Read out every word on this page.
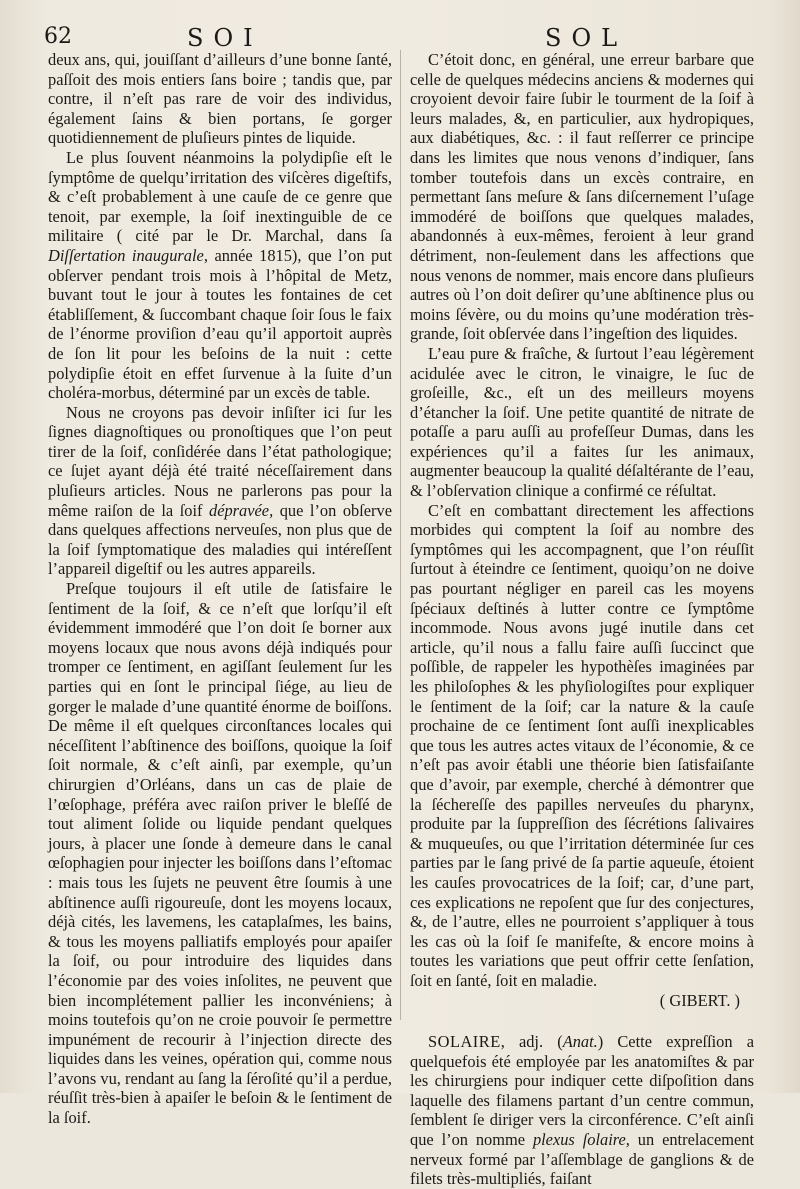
62	SOI	SOL

deux ans, qui, jouiſſant d’ailleurs d’une bonne ſanté, paſſoit des mois entiers ſans boire ; tandis que, par contre, il n’eſt pas rare de voir des individus, également ſains & bien portans, ſe gorger quotidiennement de pluſieurs pintes de liquide.

Le plus ſouvent néanmoins la polydipſie eſt le ſymptôme de quelqu’irritation des viſcères digeſtifs, & c’eſt probablement à une cauſe de ce genre que tenoit, par exemple, la ſoif inextinguible de ce militaire ( cité par le Dr. Marchal, dans ſa Diſſertation inaugurale, année 1815), que l’on put obſerver pendant trois mois à l’hôpital de Metz, buvant tout le jour à toutes les fontaines de cet établiſſement, & ſuccombant chaque ſoir ſous le faix de l’énorme proviſion d’eau qu’il apportoit auprès de ſon lit pour les beſoins de la nuit : cette polydipſie étoit en effet ſurvenue à la ſuite d’un choléra-morbus, déterminé par un excès de table.

Nous ne croyons pas devoir inſiſter ici ſur les ſignes diagnoſtiques ou pronoſtiques que l’on peut tirer de la ſoif, conſidérée dans l’état pathologique; ce ſujet ayant déjà été traité néceſſairement dans pluſieurs articles. Nous ne parlerons pas pour la même raiſon de la ſoif dépravée, que l’on obſerve dans quelques affections nerveuſes, non plus que de la ſoif ſymptomatique des maladies qui intéreſſent l’appareil digeſtif ou les autres appareils.

Preſque toujours il eſt utile de ſatisfaire le ſentiment de la ſoif, & ce n’eſt que lorſqu’il eſt évidemment immodéré que l’on doit ſe borner aux moyens locaux que nous avons déjà indiqués pour tromper ce ſentiment, en agiſſant ſeulement ſur les parties qui en ſont le principal ſiége, au lieu de gorger le malade d’une quantité énorme de boiſſons. De même il eſt quelques circonſtances locales qui néceſſitent l’abſtinence des boiſſons, quoique la ſoif ſoit normale, & c’eſt ainſi, par exemple, qu’un chirurgien d’Orléans, dans un cas de plaie de l’œſophage, préféra avec raiſon priver le bleſſé de tout aliment ſolide ou liquide pendant quelques jours, à placer une ſonde à demeure dans le canal œſophagien pour injecter les boiſſons dans l’eſtomac : mais tous les ſujets ne peuvent être ſoumis à une abſtinence auſſi rigoureuſe, dont les moyens locaux, déjà cités, les lavemens, les cataplaſmes, les bains, & tous les moyens palliatifs employés pour apaiſer la ſoif, ou pour introduire des liquides dans l’économie par des voies inſolites, ne peuvent que bien incomplétement pallier les inconvéniens; à moins toutefois qu’on ne croie pouvoir ſe permettre impunément de recourir à l’injection directe des liquides dans les veines, opération qui, comme nous l’avons vu, rendant au ſang la ſéroſité qu’il a perdue, réuſſit très-bien à apaiſer le beſoin & le ſentiment de la ſoif.

C’étoit donc, en général, une erreur barbare que celle de quelques médecins anciens & modernes qui croyoient devoir faire ſubir le tourment de la ſoif à leurs malades, &, en particulier, aux hydropiques, aux diabétiques, &c. : il faut reſſerrer ce principe dans les limites que nous venons d’indiquer, ſans tomber toutefois dans un excès contraire, en permettant ſans meſure & ſans diſcernement l’uſage immodéré de boiſſons que quelques malades, abandonnés à eux-mêmes, feroient à leur grand détriment, non-ſeulement dans les affections que nous venons de nommer, mais encore dans pluſieurs autres où l’on doit deſirer qu’une abſtinence plus ou moins ſévère, ou du moins qu’une modération très-grande, ſoit obſervée dans l’ingeſtion des liquides.

L’eau pure & fraîche, & ſurtout l’eau légèrement acidulée avec le citron, le vinaigre, le ſuc de groſeille, &c., eſt un des meilleurs moyens d’étancher la ſoif. Une petite quantité de nitrate de potaſſe a paru auſſi au profeſſeur Dumas, dans les expériences qu’il a faites ſur les animaux, augmenter beaucoup la qualité déſaltérante de l’eau, & l’obſervation clinique a confirmé ce réſultat.

C’eſt en combattant directement les affections morbides qui comptent la ſoif au nombre des ſymptômes qui les accompagnent, que l’on réuſſit ſurtout à éteindre ce ſentiment, quoiqu’on ne doive pas pourtant négliger en pareil cas les moyens ſpéciaux deſtinés à lutter contre ce ſymptôme incommode. Nous avons jugé inutile dans cet article, qu’il nous a fallu faire auſſi ſuccinct que poſſible, de rappeler les hypothèſes imaginées par les philoſophes & les phyſiologiſtes pour expliquer le ſentiment de la ſoif; car la nature & la cauſe prochaine de ce ſentiment ſont auſſi inexplicables que tous les autres actes vitaux de l’économie, & ce n’eſt pas avoir établi une théorie bien ſatisfaiſante que d’avoir, par exemple, cherché à démontrer que la ſéchereſſe des papilles nerveuſes du pharynx, produite par la ſuppreſſion des ſécrétions ſalivaires & muqueuſes, ou que l’irritation déterminée ſur ces parties par le ſang privé de ſa partie aqueuſe, étoient les cauſes provocatrices de la ſoif; car, d’une part, ces explications ne repoſent que ſur des conjectures, &, de l’autre, elles ne pourroient s’appliquer à tous les cas où la ſoif ſe manifeſte, & encore moins à toutes les variations que peut offrir cette ſenſation, ſoit en ſanté, ſoit en maladie.

( GIBERT. )

SOLAIRE, adj. (Anat.) Cette expreſſion a quelquefois été employée par les anatomiſtes & par les chirurgiens pour indiquer cette diſpoſition dans laquelle des filamens partant d’un centre commun, ſemblent ſe diriger vers la circonférence. C’eſt ainſi que l’on nomme plexus ſolaire, un entrelacement nerveux formé par l’aſſemblage de ganglions & de filets très-multipliés, faiſant
